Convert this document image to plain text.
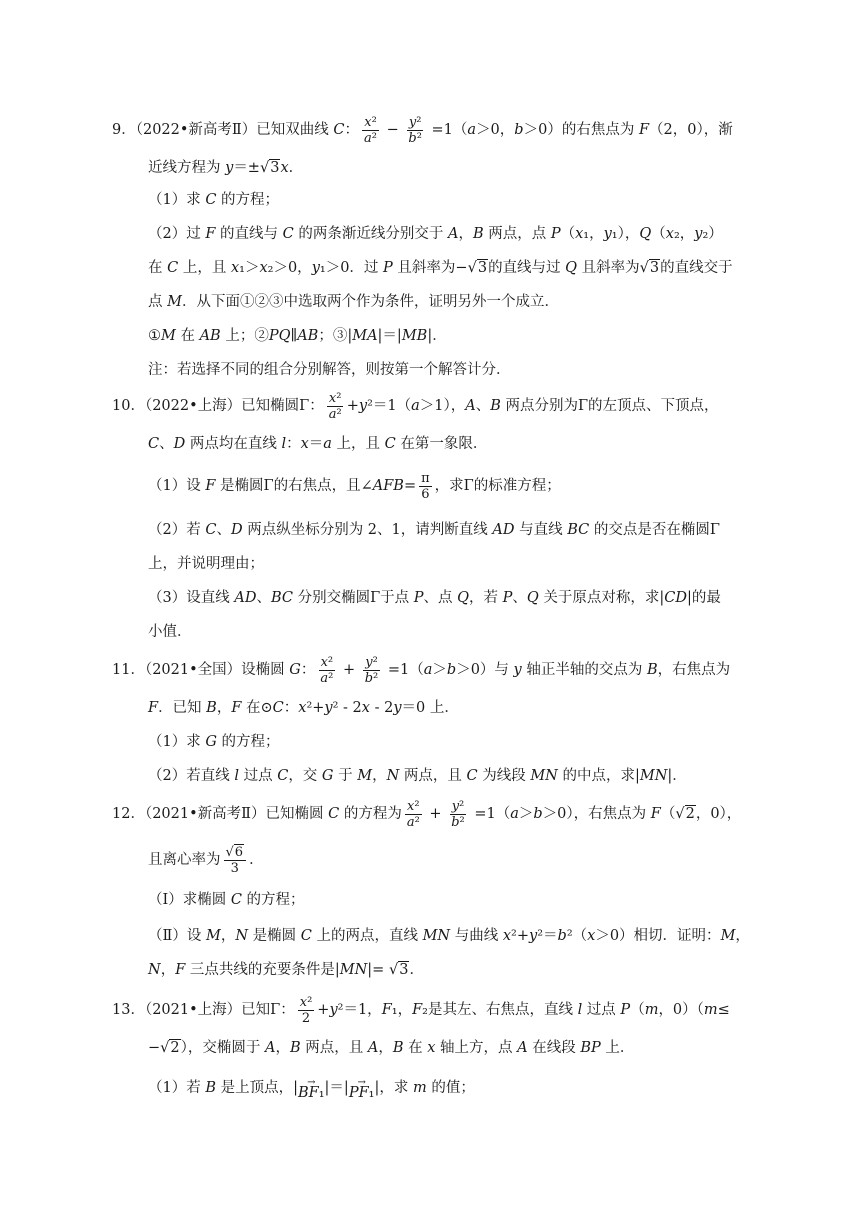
9．（2022•新高考Ⅱ）已知双曲线 C： $\frac{\text{x²}}{\text{a²}} - \frac{\text{y²}}{\text{b²}} =1(a>0$，b＞0）的右焦点为 F（2，0），渐
近线方程为 y＝± √3 x．
（1）求 C 的方程；
（2）过 F 的直线与 C 的两条渐近线分别交于 A，B 两点，点 P（x₁，y₁），Q（x₂，y₂）
在 C 上，且 x₁＞x₂＞0，y₁＞0．过 P 且斜率为− √3 的直线与过 Q 且斜率为 √3 的直线交于
点 M．从下面①②③中选取两个作为条件，证明另外一个成立．
①M 在 AB 上；②PQ∥AB；③|MA|＝|MB|．
注：若选择不同的组合分别解答，则按第一个解答计分．
10．（2022•上海）已知椭圆Γ： $\frac{\text{x²}}{\text{a²}} +y^2=1(a>1)$，A、B 两点分别为Γ的左顶点、下顶点，
C、D 两点均在直线 l：x＝a 上，且 C 在第一象限．
（1）设 F 是椭圆Γ的右焦点，且∠AFB= $\frac{\pi}{6}$ ，求Γ的标准方程；
（2）若 C、D 两点纵坐标分别为 2、1，请判断直线 AD 与直线 BC 的交点是否在椭圆Γ
上，并说明理由；
（3）设直线 AD、BC 分别交椭圆Γ于点 P、点 Q，若 P、Q 关于原点对称，求|CD|的最
小值．
11．（2021•全国）设椭圆 G： $\frac{\text{x²}}{\text{a²}} + \frac{\text{y²}}{\text{b²}} =1(a>b>0)$与 y 轴正半轴的交点为 B，右焦点为
F．已知 B，F 在⊙C：x²+y² - 2x - 2y＝0 上．
（1）求 G 的方程；
（2）若直线 l 过点 C，交 G 于 M，N 两点，且 C 为线段 MN 的中点，求|MN|．
12．（2021•新高考Ⅱ）已知椭圆 C 的方程为 $\frac{\text{x²}}{\text{a²}} + \frac{\text{y²}}{\text{b²}} =1(a>b>0)$，右焦点为 F（ √2 ，0），
且离心率为 $\frac{√6}{3}$ ．
（Ⅰ）求椭圆 C 的方程；
（Ⅱ）设 M，N 是椭圆 C 上的两点，直线 MN 与曲线 x²+y²＝b²（x＞0）相切．证明：M，
N，F 三点共线的充要条件是|MN|= √3 ．
13．（2021•上海）已知Γ： $\frac{\text{x²}}{2} +y^2=1$，F₁，F₂是其左、右焦点，直线 l 过点 P（m，0）（m≤
− √2 ），交椭圆于 A，B 两点，且 A，B 在 x 轴上方，点 A 在线段 BP 上．
（1）若 B 是上顶点，| →
BF₁ |＝| →
PF₁ |，求 m 的值；
